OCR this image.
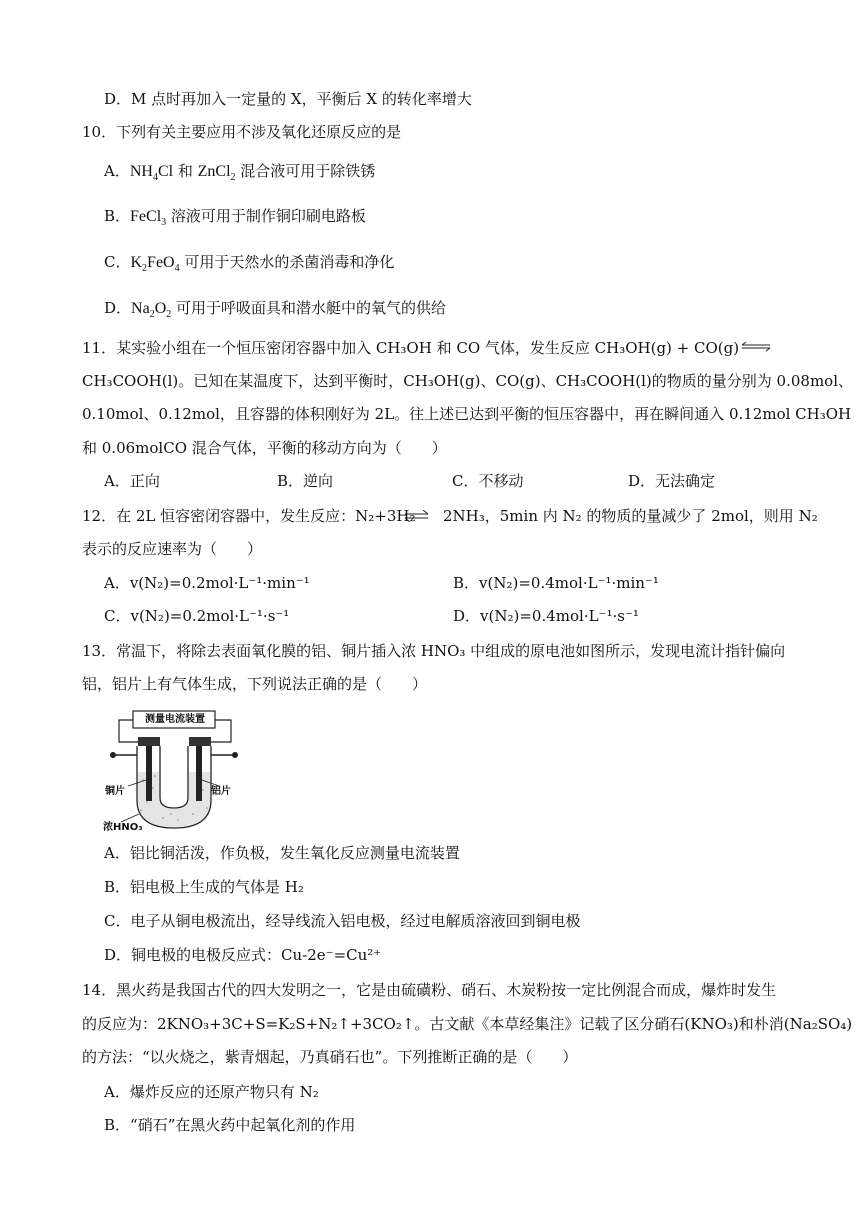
D．M 点时再加入一定量的 X，平衡后 X 的转化率增大
10．下列有关主要应用不涉及氧化还原反应的是
A．$NH_4Cl$ 和 ZnCl$_2$ 混合液可用于除铁锈
B．FeCl$_3$ 溶液可用于制作铜印刷电路板
C．$K_2FeO_4$ 可用于天然水的杀菌消毒和净化
D．$Na_2O_2$ 可用于呼吸面具和潜水艇中的氧气的供给
11．某实验小组在一个恒压密闭容器中加入 CH₃OH 和 CO 气体，发生反应 CH₃OH(g) + CO(g) ⇌
CH₃COOH(l)。已知在某温度下，达到平衡时，CH₃OH(g)、CO(g)、CH₃COOH(l)的物质的量分别为 0.08mol、
0.10mol、0.12mol，且容器的体积刚好为 2L。往上述已达到平衡的恒压容器中，再在瞬间通入 0.12mol CH₃OH
和 0.06molCO 混合气体，平衡的移动方向为（　　）
A．正向	B．逆向	C．不移动	D．无法确定
12．在 2L 恒容密闭容器中，发生反应：N₂+3H₂ ⇌ 2NH₃，5min 内 N₂ 的物质的量减少了 2mol，则用 N₂
表示的反应速率为（　　）
A．v(N₂)=0.2mol·L⁻¹·min⁻¹	B．v(N₂)=0.4mol·L⁻¹·min⁻¹
C．v(N₂)=0.2mol·L⁻¹·s⁻¹	D．v(N₂)=0.4mol·L⁻¹·s⁻¹
13．常温下，将除去表面氧化膜的铝、铜片插入浓 HNO₃ 中组成的原电池如图所示，发现电流计指针偏向
铝，铝片上有气体生成，下列说法正确的是（　　）
测量电流装置
铜片	铝片
浓HNO₃
A．铝比铜活泼，作负极，发生氧化反应测量电流装置
B．铝电极上生成的气体是 H₂
C．电子从铜电极流出，经导线流入铝电极，经过电解质溶液回到铜电极
D．铜电极的电极反应式：Cu-2e⁻=Cu²⁺
14．黑火药是我国古代的四大发明之一，它是由硫磺粉、硝石、木炭粉按一定比例混合而成，爆炸时发生
的反应为：2KNO₃+3C+S=K₂S+N₂↑+3CO₂↑。古文献《本草经集注》记载了区分硝石(KNO₃)和朴消(Na₂SO₄)
的方法：“以火烧之，紫青烟起，乃真硝石也”。下列推断正确的是（　　）
A．爆炸反应的还原产物只有 N₂
B．“硝石”在黑火药中起氧化剂的作用
